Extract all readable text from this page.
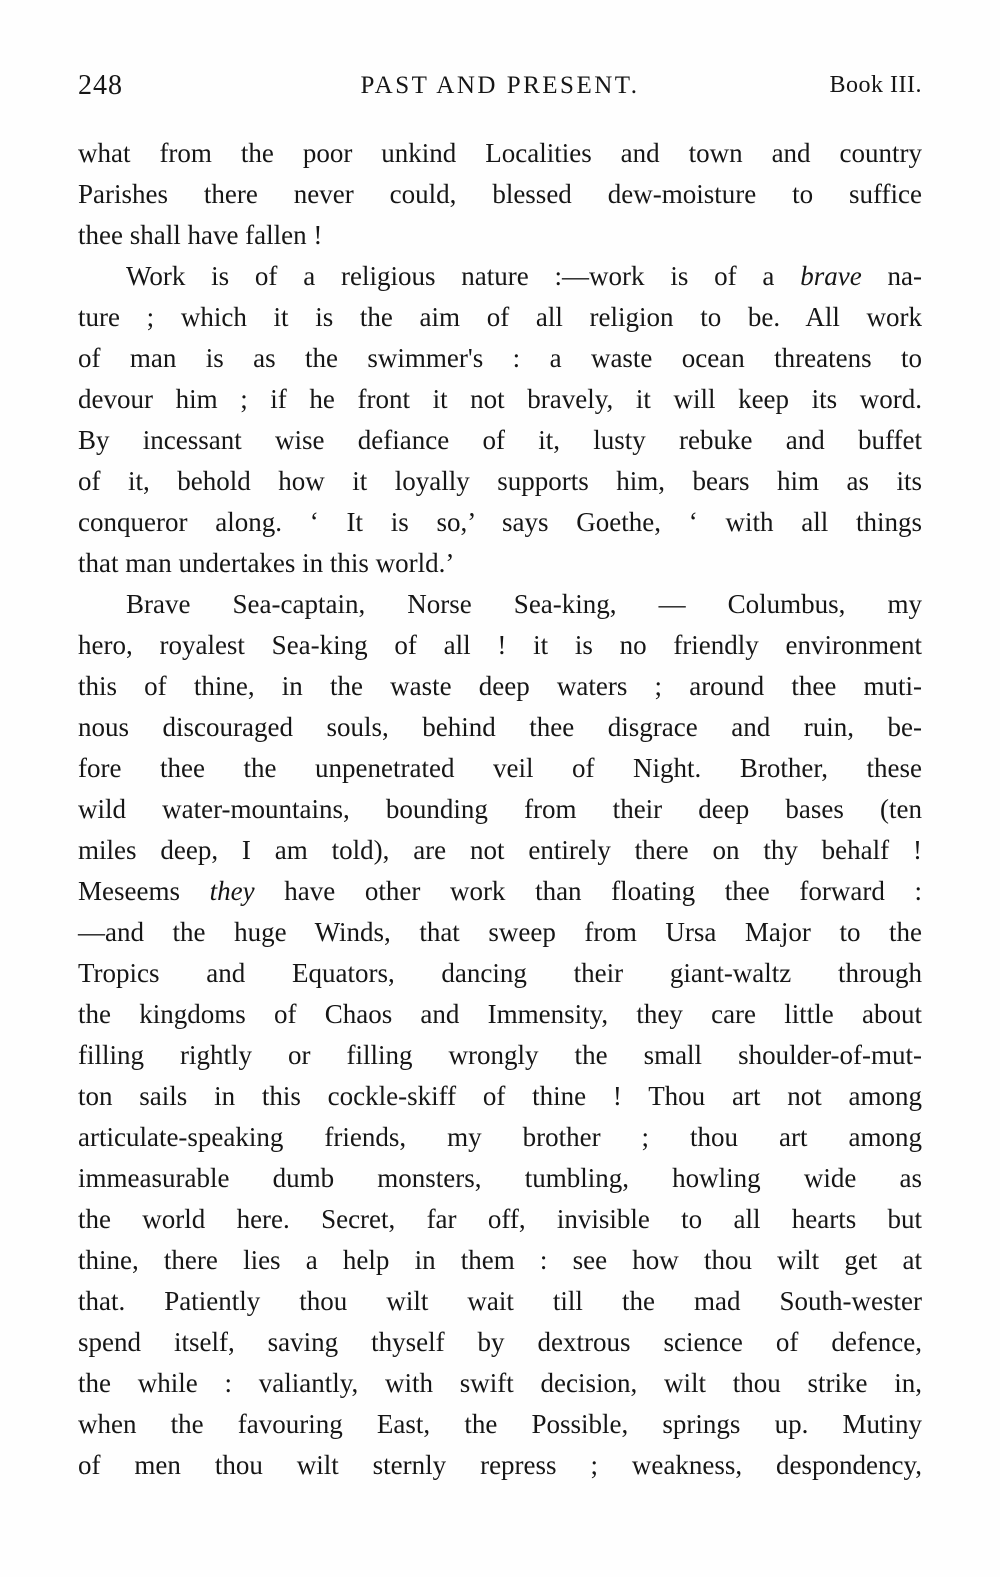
248	PAST AND PRESENT.	Book III.
what from the poor unkind Localities and town and country
Parishes there never could, blessed dew-moisture to suffice
thee shall have fallen !
Work is of a religious nature :—work is of a brave na-
ture ; which it is the aim of all religion to be. All work
of man is as the swimmer's : a waste ocean threatens to
devour him ; if he front it not bravely, it will keep its word.
By incessant wise defiance of it, lusty rebuke and buffet
of it, behold how it loyally supports him, bears him as its
conqueror along. ‘ It is so,’ says Goethe, ‘ with all things
that man undertakes in this world.’
Brave Sea-captain, Norse Sea-king, — Columbus, my
hero, royalest Sea-king of all ! it is no friendly environment
this of thine, in the waste deep waters ; around thee muti-
nous discouraged souls, behind thee disgrace and ruin, be-
fore thee the unpenetrated veil of Night. Brother, these
wild water-mountains, bounding from their deep bases (ten
miles deep, I am told), are not entirely there on thy behalf !
Meseems they have other work than floating thee forward :
—and the huge Winds, that sweep from Ursa Major to the
Tropics and Equators, dancing their giant-waltz through
the kingdoms of Chaos and Immensity, they care little about
filling rightly or filling wrongly the small shoulder-of-mut-
ton sails in this cockle-skiff of thine ! Thou art not among
articulate-speaking friends, my brother ; thou art among
immeasurable dumb monsters, tumbling, howling wide as
the world here. Secret, far off, invisible to all hearts but
thine, there lies a help in them : see how thou wilt get at
that. Patiently thou wilt wait till the mad South-wester
spend itself, saving thyself by dextrous science of defence,
the while : valiantly, with swift decision, wilt thou strike in,
when the favouring East, the Possible, springs up. Mutiny
of men thou wilt sternly repress ; weakness, despondency,
